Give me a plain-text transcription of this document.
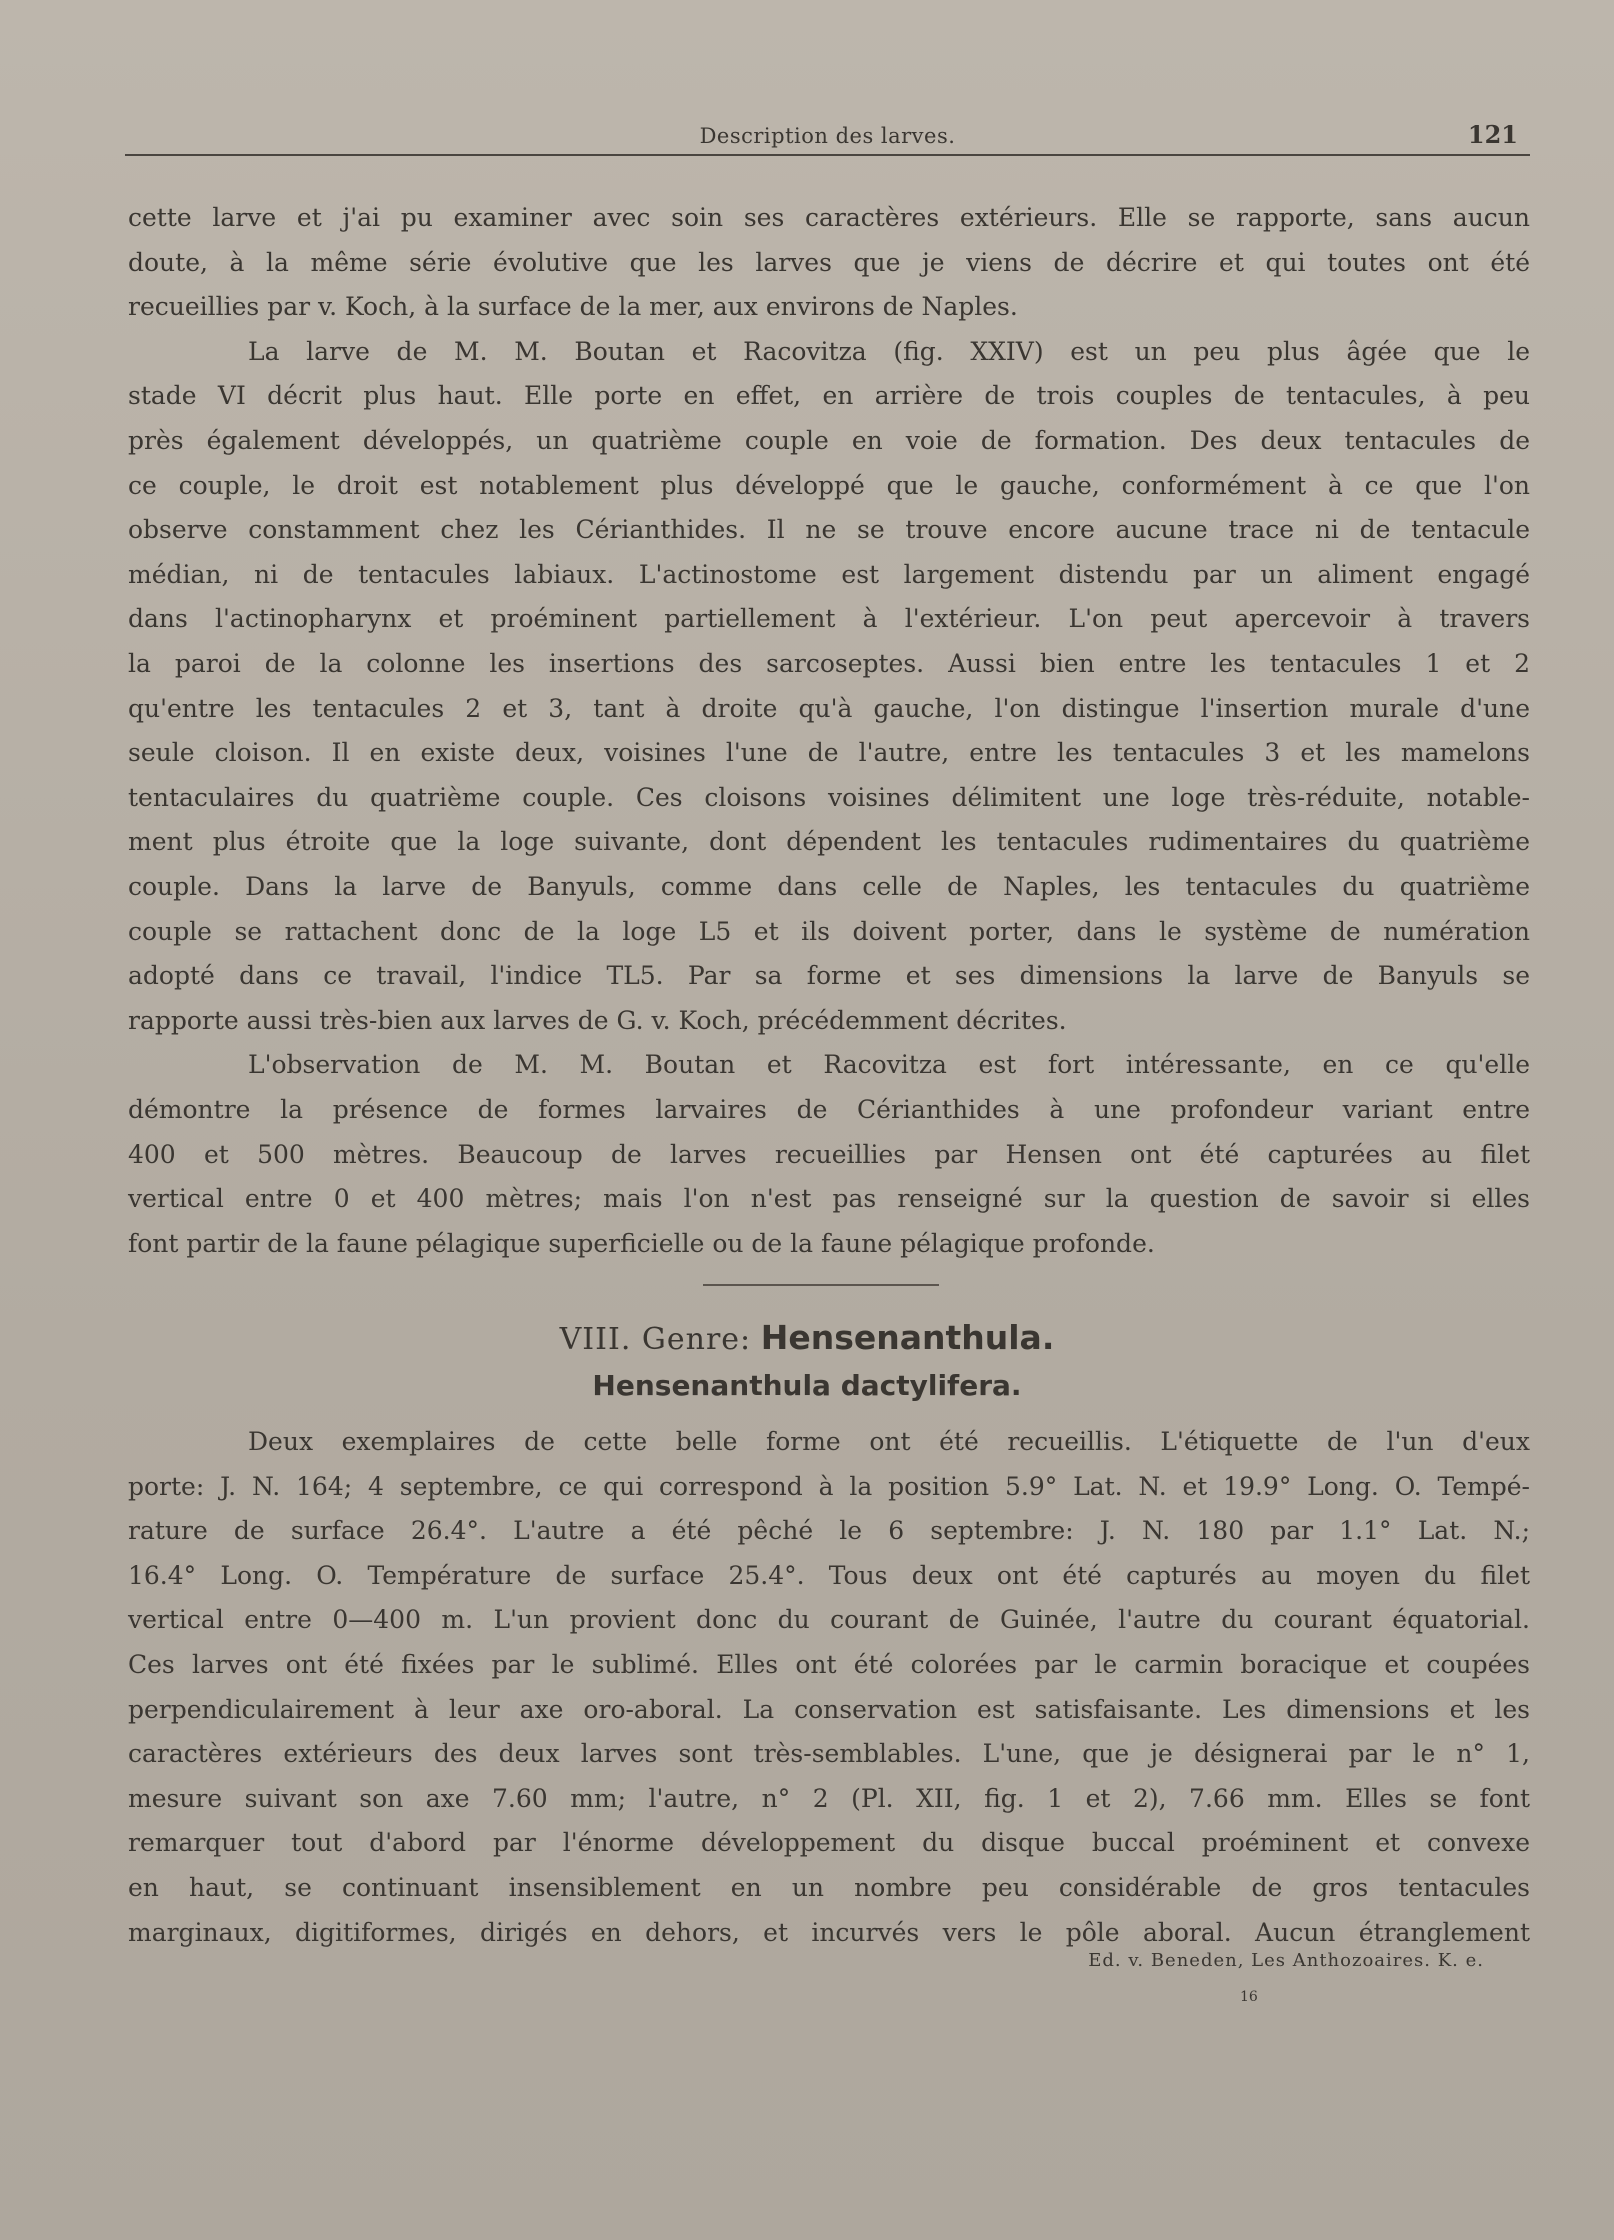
Description des larves.	121
cette larve et j'ai pu examiner avec soin ses caractères extérieurs. Elle se rapporte, sans aucun
doute, à la même série évolutive que les larves que je viens de décrire et qui toutes ont été
recueillies par v. Koch, à la surface de la mer, aux environs de Naples.
La larve de M. M. Boutan et Racovitza (fig. XXIV) est un peu plus âgée que le
stade VI décrit plus haut. Elle porte en effet, en arrière de trois couples de tentacules, à peu
près également développés, un quatrième couple en voie de formation. Des deux tentacules de
ce couple, le droit est notablement plus développé que le gauche, conformément à ce que l'on
observe constamment chez les Cérianthides. Il ne se trouve encore aucune trace ni de tentacule
médian, ni de tentacules labiaux. L'actinostome est largement distendu par un aliment engagé
dans l'actinopharynx et proéminent partiellement à l'extérieur. L'on peut apercevoir à travers
la paroi de la colonne les insertions des sarcoseptes. Aussi bien entre les tentacules 1 et 2
qu'entre les tentacules 2 et 3, tant à droite qu'à gauche, l'on distingue l'insertion murale d'une
seule cloison. Il en existe deux, voisines l'une de l'autre, entre les tentacules 3 et les mamelons
tentaculaires du quatrième couple. Ces cloisons voisines délimitent une loge très-réduite, notable-
ment plus étroite que la loge suivante, dont dépendent les tentacules rudimentaires du quatrième
couple. Dans la larve de Banyuls, comme dans celle de Naples, les tentacules du quatrième
couple se rattachent donc de la loge L5 et ils doivent porter, dans le système de numération
adopté dans ce travail, l'indice TL5. Par sa forme et ses dimensions la larve de Banyuls se
rapporte aussi très-bien aux larves de G. v. Koch, précédemment décrites.
L'observation de M. M. Boutan et Racovitza est fort intéressante, en ce qu'elle
démontre la présence de formes larvaires de Cérianthides à une profondeur variant entre
400 et 500 mètres. Beaucoup de larves recueillies par Hensen ont été capturées au filet
vertical entre 0 et 400 mètres; mais l'on n'est pas renseigné sur la question de savoir si elles
font partir de la faune pélagique superficielle ou de la faune pélagique profonde.
VIII. Genre: Hensenanthula.
Hensenanthula dactylifera.
Deux exemplaires de cette belle forme ont été recueillis. L'étiquette de l'un d'eux
porte: J. N. 164; 4 septembre, ce qui correspond à la position 5.9° Lat. N. et 19.9° Long. O. Tempé-
rature de surface 26.4°. L'autre a été pêché le 6 septembre: J. N. 180 par 1.1° Lat. N.;
16.4° Long. O. Température de surface 25.4°. Tous deux ont été capturés au moyen du filet
vertical entre 0—400 m. L'un provient donc du courant de Guinée, l'autre du courant équatorial.
Ces larves ont été fixées par le sublimé. Elles ont été colorées par le carmin boracique et coupées
perpendiculairement à leur axe oro-aboral. La conservation est satisfaisante. Les dimensions et les
caractères extérieurs des deux larves sont très-semblables. L'une, que je désignerai par le n° 1,
mesure suivant son axe 7.60 mm; l'autre, n° 2 (Pl. XII, fig. 1 et 2), 7.66 mm. Elles se font
remarquer tout d'abord par l'énorme développement du disque buccal proéminent et convexe
en haut, se continuant insensiblement en un nombre peu considérable de gros tentacules
marginaux, digitiformes, dirigés en dehors, et incurvés vers le pôle aboral. Aucun étranglement
Ed. v. Beneden, Les Anthozoaires. K. e.
16
